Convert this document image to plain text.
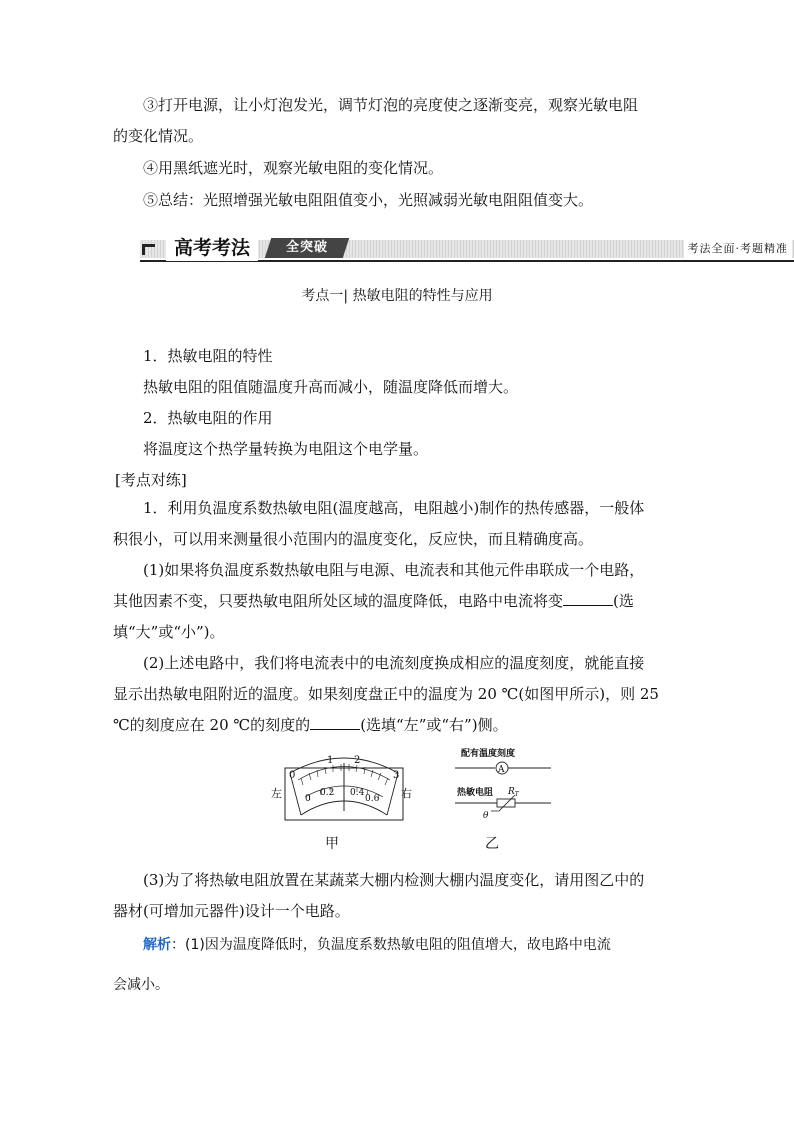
③打开电源，让小灯泡发光，调节灯泡的亮度使之逐渐变亮，观察光敏电阻
的变化情况。
④用黑纸遮光时，观察光敏电阻的变化情况。
⑤总结：光照增强光敏电阻阻值变小，光照减弱光敏电阻阻值变大。
高考考法	全突破	考法全面·考题精准
考点一| 热敏电阻的特性与应用
1．热敏电阻的特性
热敏电阻的阻值随温度升高而减小，随温度降低而增大。
2．热敏电阻的作用
将温度这个热学量转换为电阻这个电学量。
[考点对练]
1．利用负温度系数热敏电阻(温度越高，电阻越小)制作的热传感器，一般体
积很小，可以用来测量很小范围内的温度变化，反应快，而且精确度高。
(1)如果将负温度系数热敏电阻与电源、电流表和其他元件串联成一个电路，
其他因素不变，只要热敏电阻所处区域的温度降低，电路中电流将变	(选
填“大”或“小”)。
(2)上述电路中，我们将电流表中的电流刻度换成相应的温度刻度，就能直接
显示出热敏电阻附近的温度。如果刻度盘正中的温度为 20 ℃(如图甲所示)，则 25
℃的刻度应在 20 ℃的刻度的	(选填“左”或“右”)侧。
0
1 2
3
0
0.2 0.4
0.6
左	右
配有温度刻度
A
热敏电阻 $R_T$
θ
甲	乙
(3)为了将热敏电阻放置在某蔬菜大棚内检测大棚内温度变化，请用图乙中的
器材(可增加元器件)设计一个电路。
解析：(1)因为温度降低时，负温度系数热敏电阻的阻值增大，故电路中电流
会减小。
